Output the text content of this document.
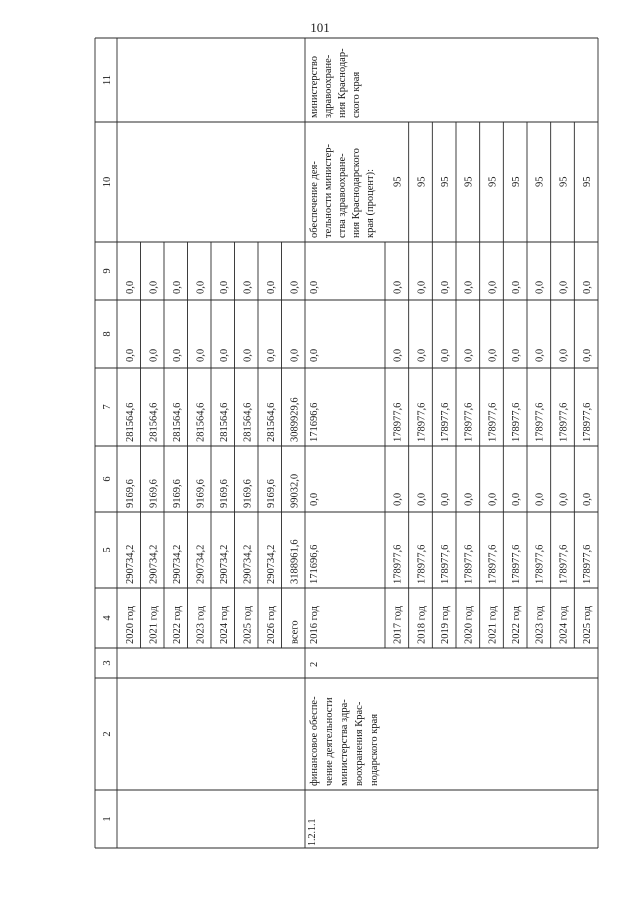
101
1
2
3
4
5
6
7
8
9
10
11
2020 год
290734,2
9169,6
281564,6
0,0
0,0
2021 год
290734,2
9169,6
281564,6
0,0
0,0
2022 год
290734,2
9169,6
281564,6
0,0
0,0
2023 год
290734,2
9169,6
281564,6
0,0
0,0
2024 год
290734,2
9169,6
281564,6
0,0
0,0
2025 год
290734,2
9169,6
281564,6
0,0
0,0
2026 год
290734,2
9169,6
281564,6
0,0
0,0
всего
3188961,6
99032,0
3089929,6
0,0
0,0
1.2.1.1
финансовое обеспе- чение деятельности министерства здра- воохранения Крас- нодарского края
2
2016 год
171696,6
0,0
171696,6
0,0
0,0
обеспечение дея- тельности министер- ства здравоохране- ния Краснодарского края (процент):
министерство здравоохране- ния Краснодар- ского края
2017 год
178977,6
0,0
178977,6
0,0
0,0
95
2018 год
178977,6
0,0
178977,6
0,0
0,0
95
2019 год
178977,6
0,0
178977,6
0,0
0,0
95
2020 год
178977,6
0,0
178977,6
0,0
0,0
95
2021 год
178977,6
0,0
178977,6
0,0
0,0
95
2022 год
178977,6
0,0
178977,6
0,0
0,0
95
2023 год
178977,6
0,0
178977,6
0,0
0,0
95
2024 год
178977,6
0,0
178977,6
0,0
0,0
95
2025 год
178977,6
0,0
178977,6
0,0
0,0
95
